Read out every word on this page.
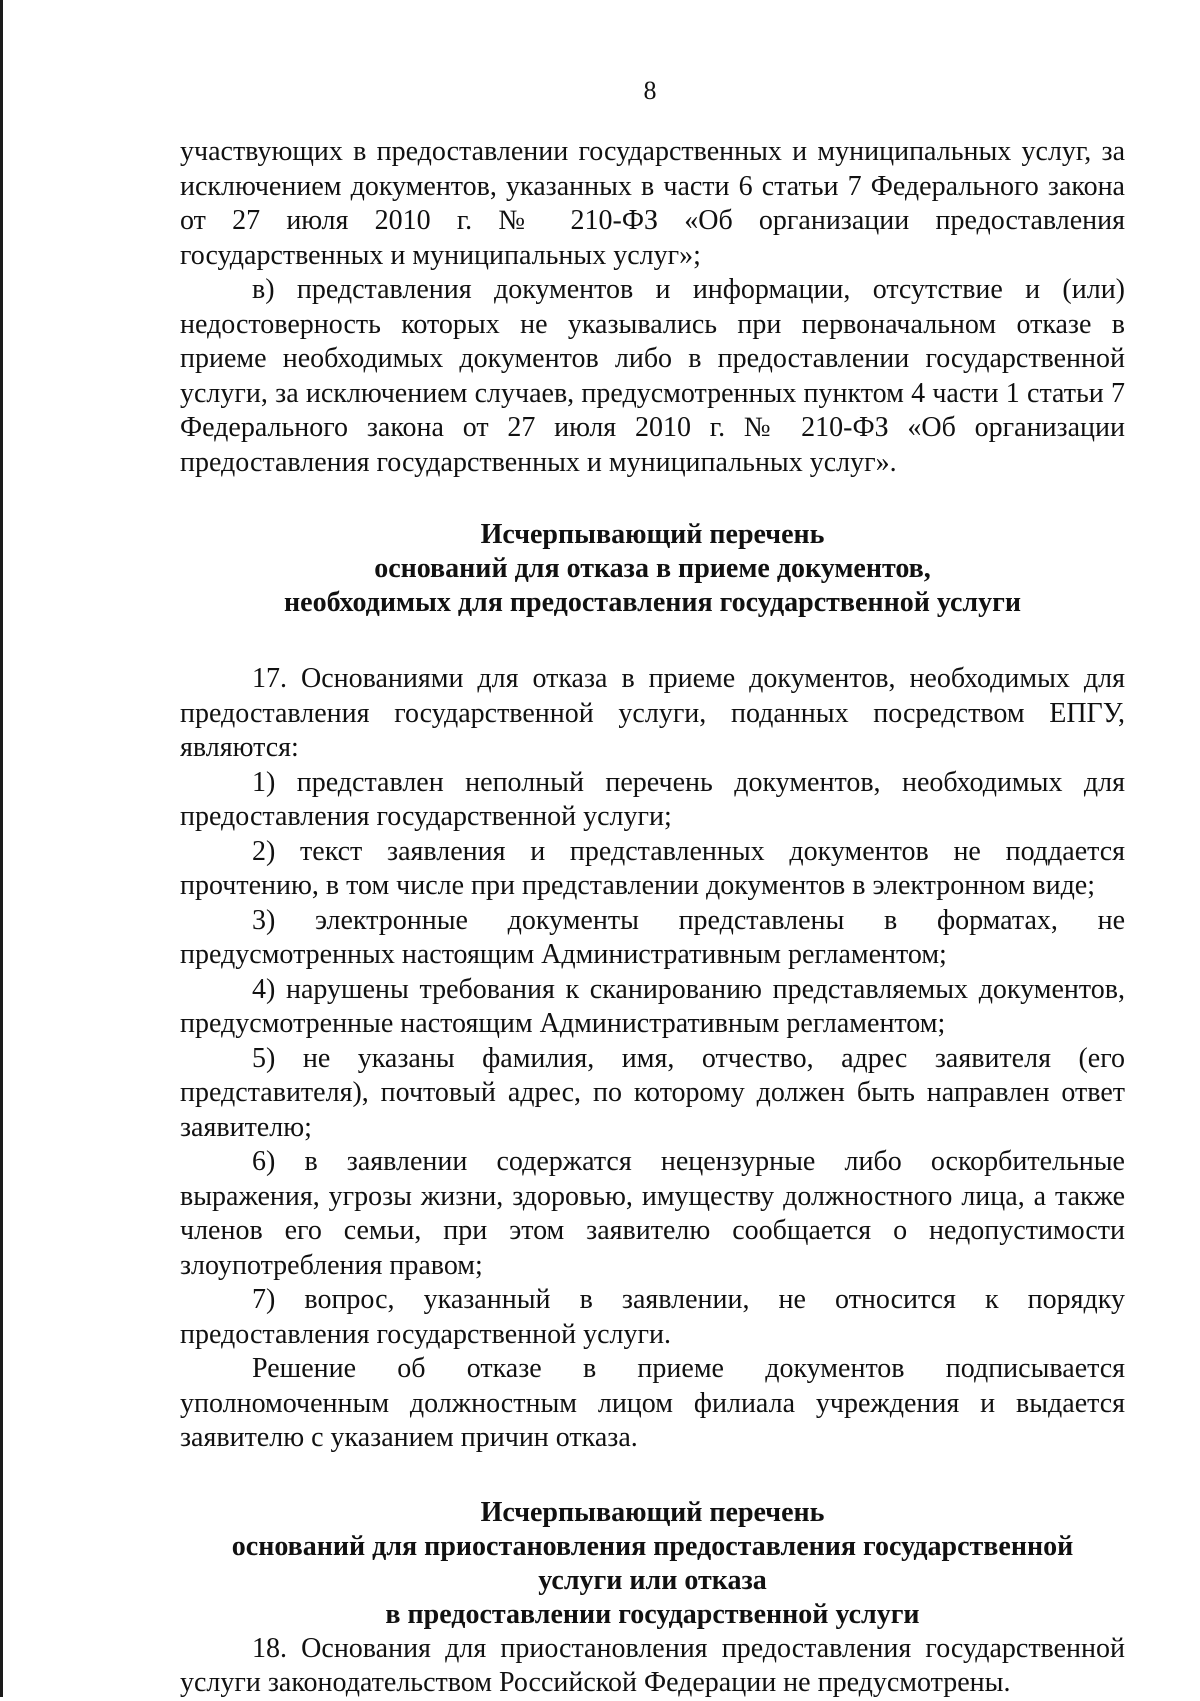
8

участвующих в предоставлении государственных и муниципальных услуг, за исключением документов, указанных в части 6 статьи 7 Федерального закона от 27 июля 2010 г. № 210-ФЗ «Об организации предоставления государственных и муниципальных услуг»;

в) представления документов и информации, отсутствие и (или) недостоверность которых не указывались при первоначальном отказе в приеме необходимых документов либо в предоставлении государственной услуги, за исключением случаев, предусмотренных пунктом 4 части 1 статьи 7 Федерального закона от 27 июля 2010 г. № 210-ФЗ «Об организации предоставления государственных и муниципальных услуг».

Исчерпывающий перечень
оснований для отказа в приеме документов,
необходимых для предоставления государственной услуги

17. Основаниями для отказа в приеме документов, необходимых для предоставления государственной услуги, поданных посредством ЕПГУ, являются:

1) представлен неполный перечень документов, необходимых для предоставления государственной услуги;

2) текст заявления и представленных документов не поддается прочтению, в том числе при представлении документов в электронном виде;

3) электронные документы представлены в форматах, не предусмотренных настоящим Административным регламентом;

4) нарушены требования к сканированию представляемых документов, предусмотренные настоящим Административным регламентом;

5) не указаны фамилия, имя, отчество, адрес заявителя (его представителя), почтовый адрес, по которому должен быть направлен ответ заявителю;

6) в заявлении содержатся нецензурные либо оскорбительные выражения, угрозы жизни, здоровью, имуществу должностного лица, а также членов его семьи, при этом заявителю сообщается о недопустимости злоупотребления правом;

7) вопрос, указанный в заявлении, не относится к порядку предоставления государственной услуги.

Решение об отказе в приеме документов подписывается уполномоченным должностным лицом филиала учреждения и выдается заявителю с указанием причин отказа.

Исчерпывающий перечень
оснований для приостановления предоставления государственной
услуги или отказа
в предоставлении государственной услуги

18. Основания для приостановления предоставления государственной услуги законодательством Российской Федерации не предусмотрены.
